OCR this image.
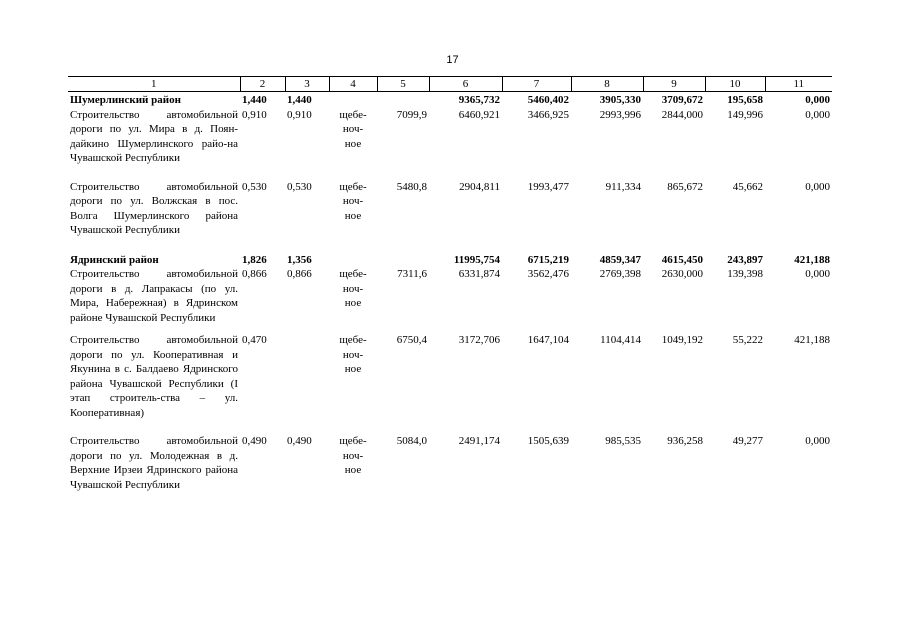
17
1	2	3	4	5	6	7	8	9	10	11
Шумерлинский район	1,440	1,440			9365,732	5460,402	3905,330	3709,672	195,658	0,000
Строительство автомобильной дороги по ул. Мира в д. Поян-дайкино Шумерлинского райо-на Чувашской Республики	0,910	0,910	щебе-
ноч-
ное	7099,9	6460,921	3466,925	2993,996	2844,000	149,996	0,000

Строительство автомобильной дороги по ул. Волжская в пос. Волга Шумерлинского района Чувашской Республики	0,530	0,530	щебе-
ноч-
ное	5480,8	2904,811	1993,477	911,334	865,672	45,662	0,000

Ядринский район	1,826	1,356			11995,754	6715,219	4859,347	4615,450	243,897	421,188
Строительство автомобильной дороги в д. Лапракасы (по ул. Мира, Набережная) в Ядринском районе Чувашской Республики	0,866	0,866	щебе-
ноч-
ное	7311,6	6331,874	3562,476	2769,398	2630,000	139,398	0,000

Строительство автомобильной дороги по ул. Кооперативная и Якунина в с. Балдаево Ядринского района Чувашской Республики (I этап строитель-ства – ул. Кооперативная)	0,470		щебе-
ноч-
ное	6750,4	3172,706	1647,104	1104,414	1049,192	55,222	421,188

Строительство автомобильной дороги по ул. Молодежная в д. Верхние Ирзеи Ядринского района Чувашской Республики	0,490	0,490	щебе-
ноч-
ное	5084,0	2491,174	1505,639	985,535	936,258	49,277	0,000
